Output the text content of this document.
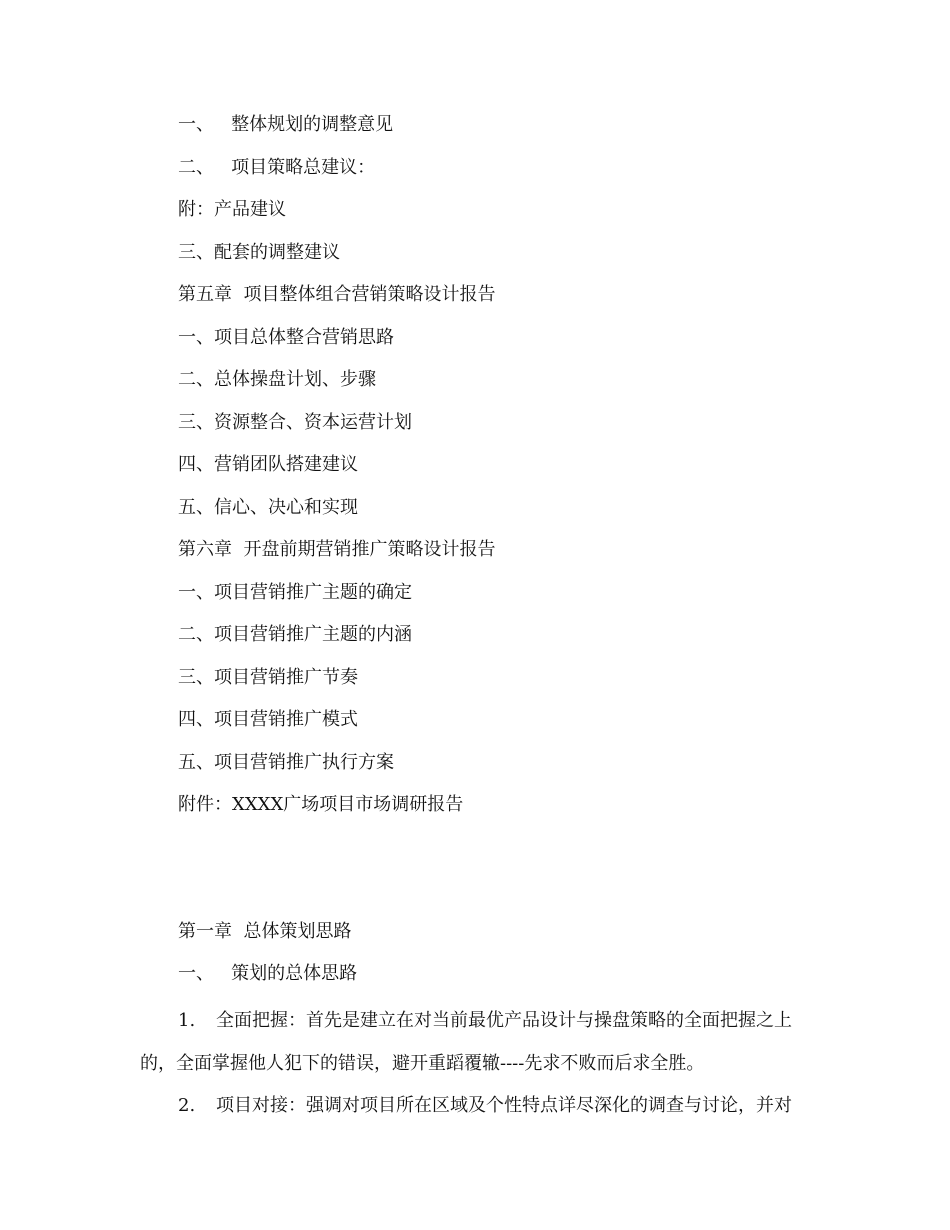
一、   整体规划的调整意见
二、   项目策略总建议：
附：产品建议
三、配套的调整建议
第五章  项目整体组合营销策略设计报告
一、项目总体整合营销思路
二、总体操盘计划、步骤
三、资源整合、资本运营计划
四、营销团队搭建建议
五、信心、决心和实现
第六章  开盘前期营销推广策略设计报告
一、项目营销推广主题的确定
二、项目营销推广主题的内涵
三、项目营销推广节奏
四、项目营销推广模式
五、项目营销推广执行方案
附件：XXXX广场项目市场调研报告
第一章  总体策划思路
一、   策划的总体思路
1. 全面把握：首先是建立在对当前最优产品设计与操盘策略的全面把握之上的，全面掌握他人犯下的错误，避开重蹈覆辙----先求不败而后求全胜。
2. 项目对接：强调对项目所在区域及个性特点详尽深化的调查与讨论，并对
